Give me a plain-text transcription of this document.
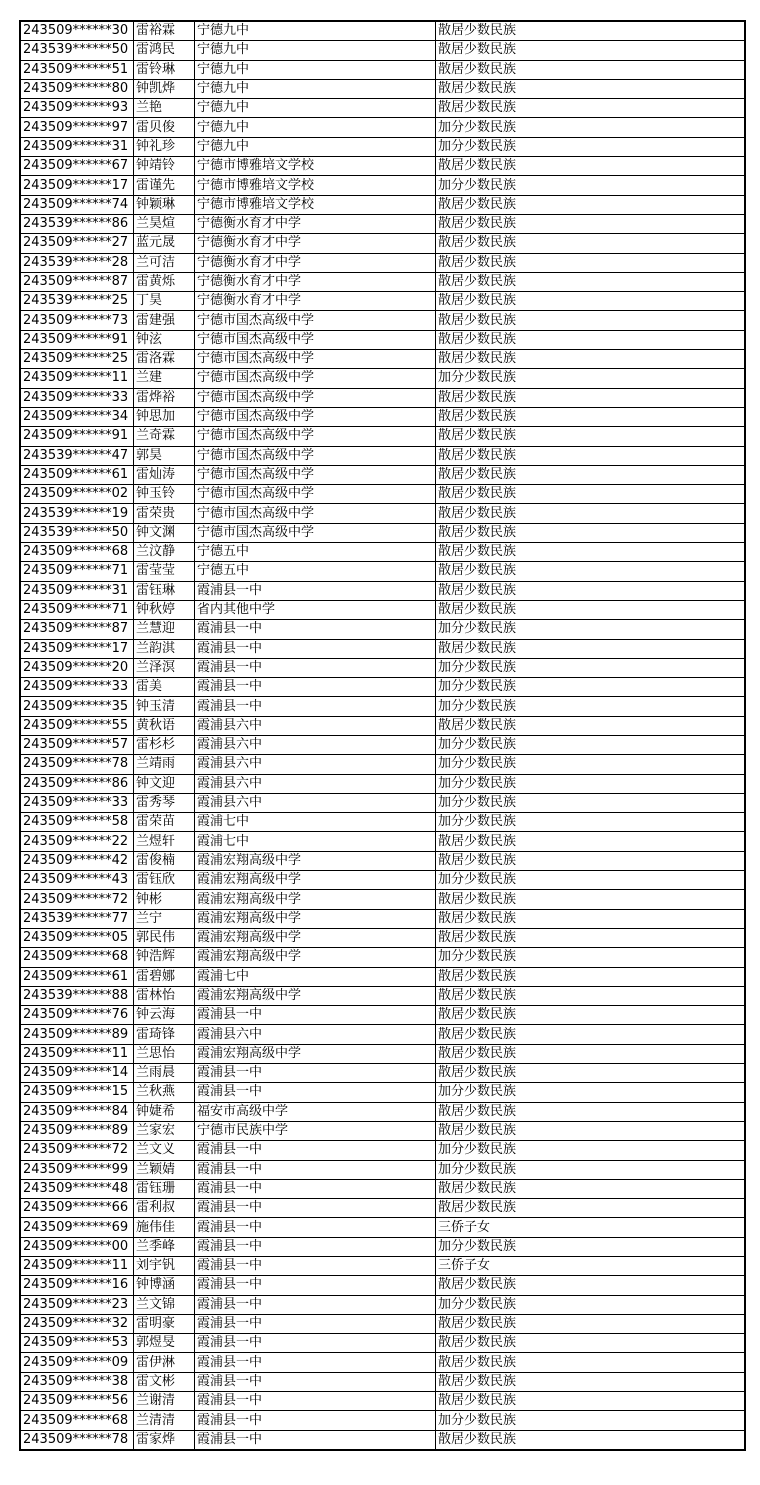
243509******30	雷裕霖	宁德九中	散居少数民族
243539******50	雷鸿民	宁德九中	散居少数民族
243509******51	雷铃琳	宁德九中	散居少数民族
243509******80	钟凯烨	宁德九中	散居少数民族
243509******93	兰艳	宁德九中	散居少数民族
243509******97	雷贝俊	宁德九中	加分少数民族
243509******31	钟礼珍	宁德九中	加分少数民族
243509******67	钟靖铃	宁德市博雅培文学校	散居少数民族
243509******17	雷谨先	宁德市博雅培文学校	加分少数民族
243509******74	钟颖琳	宁德市博雅培文学校	散居少数民族
243539******86	兰昊煊	宁德衡水育才中学	散居少数民族
243509******27	蓝元晟	宁德衡水育才中学	散居少数民族
243539******28	兰可洁	宁德衡水育才中学	散居少数民族
243509******87	雷黄烁	宁德衡水育才中学	散居少数民族
243539******25	丁昊	宁德衡水育才中学	散居少数民族
243509******73	雷建强	宁德市国杰高级中学	散居少数民族
243509******91	钟泫	宁德市国杰高级中学	散居少数民族
243509******25	雷洛霖	宁德市国杰高级中学	散居少数民族
243509******11	兰建	宁德市国杰高级中学	加分少数民族
243509******33	雷烨裕	宁德市国杰高级中学	散居少数民族
243509******34	钟思加	宁德市国杰高级中学	散居少数民族
243509******91	兰奇霖	宁德市国杰高级中学	散居少数民族
243539******47	郭昊	宁德市国杰高级中学	散居少数民族
243509******61	雷灿涛	宁德市国杰高级中学	散居少数民族
243509******02	钟玉铃	宁德市国杰高级中学	散居少数民族
243539******19	雷荣贵	宁德市国杰高级中学	散居少数民族
243539******50	钟文渊	宁德市国杰高级中学	散居少数民族
243509******68	兰汶静	宁德五中	散居少数民族
243509******71	雷莹莹	宁德五中	散居少数民族
243509******31	雷钰琳	霞浦县一中	散居少数民族
243509******71	钟秋婷	省内其他中学	散居少数民族
243509******87	兰慧迎	霞浦县一中	加分少数民族
243509******17	兰韵淇	霞浦县一中	散居少数民族
243509******20	兰泽溟	霞浦县一中	加分少数民族
243509******33	雷美	霞浦县一中	加分少数民族
243509******35	钟玉清	霞浦县一中	加分少数民族
243509******55	黄秋语	霞浦县六中	散居少数民族
243509******57	雷杉杉	霞浦县六中	加分少数民族
243509******78	兰靖雨	霞浦县六中	加分少数民族
243509******86	钟文迎	霞浦县六中	加分少数民族
243509******33	雷秀琴	霞浦县六中	加分少数民族
243509******58	雷荣苗	霞浦七中	加分少数民族
243509******22	兰煜轩	霞浦七中	散居少数民族
243509******42	雷俊楠	霞浦宏翔高级中学	散居少数民族
243509******43	雷钰欣	霞浦宏翔高级中学	加分少数民族
243509******72	钟彬	霞浦宏翔高级中学	散居少数民族
243539******77	兰宁	霞浦宏翔高级中学	散居少数民族
243509******05	郭民伟	霞浦宏翔高级中学	散居少数民族
243509******68	钟浩辉	霞浦宏翔高级中学	加分少数民族
243509******61	雷碧娜	霞浦七中	散居少数民族
243539******88	雷林怡	霞浦宏翔高级中学	散居少数民族
243509******76	钟云海	霞浦县一中	散居少数民族
243509******89	雷琦锋	霞浦县六中	散居少数民族
243509******11	兰思怡	霞浦宏翔高级中学	散居少数民族
243509******14	兰雨晨	霞浦县一中	散居少数民族
243509******15	兰秋燕	霞浦县一中	加分少数民族
243509******84	钟婕希	福安市高级中学	散居少数民族
243509******89	兰家宏	宁德市民族中学	散居少数民族
243509******72	兰文义	霞浦县一中	加分少数民族
243509******99	兰颖婧	霞浦县一中	加分少数民族
243509******48	雷钰珊	霞浦县一中	散居少数民族
243509******66	雷利叔	霞浦县一中	散居少数民族
243509******69	施伟佳	霞浦县一中	三侨子女
243509******00	兰季峰	霞浦县一中	加分少数民族
243509******11	刘宇钒	霞浦县一中	三侨子女
243509******16	钟博涵	霞浦县一中	散居少数民族
243509******23	兰文锦	霞浦县一中	加分少数民族
243509******32	雷明豪	霞浦县一中	散居少数民族
243509******53	郭煜旻	霞浦县一中	散居少数民族
243509******09	雷伊淋	霞浦县一中	散居少数民族
243509******38	雷文彬	霞浦县一中	散居少数民族
243509******56	兰谢清	霞浦县一中	散居少数民族
243509******68	兰清清	霞浦县一中	加分少数民族
243509******78	雷家烨	霞浦县一中	散居少数民族
